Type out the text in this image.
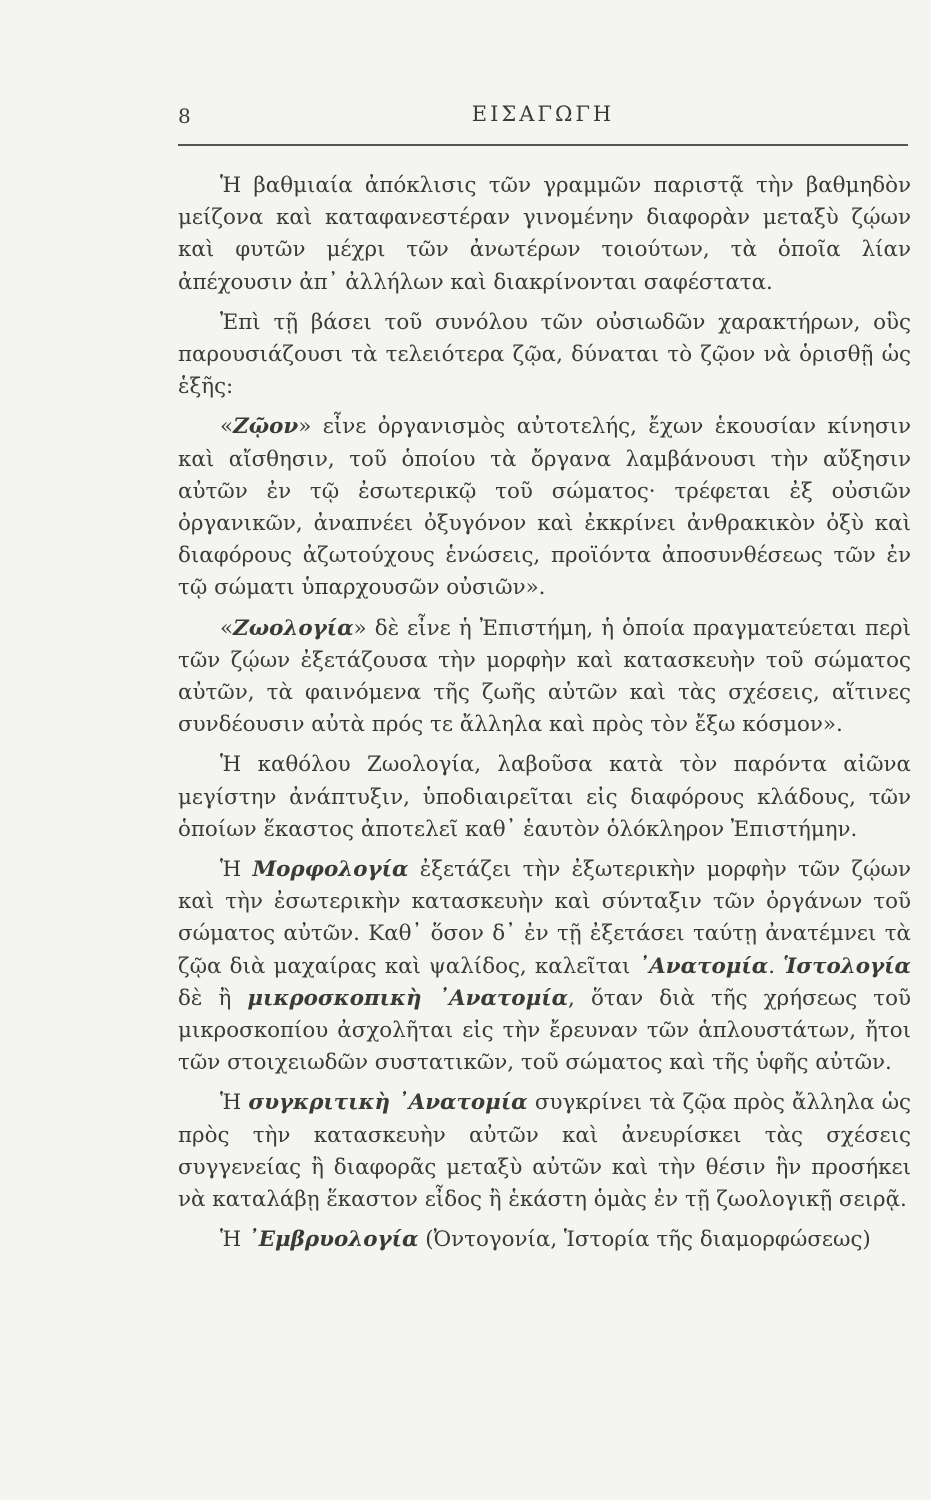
8	ΕΙΣΑΓΩΓΗ

Ἡ βαθμιαία ἀπόκλισις τῶν γραμμῶν παριστᾷ τὴν βαθμηδὸν μείζονα καὶ καταφανεστέραν γινομένην διαφορὰν μεταξὺ ζῴων καὶ φυτῶν μέχρι τῶν ἀνωτέρων τοιούτων, τὰ ὁποῖα λίαν ἀπέχουσιν ἀπ᾽ ἀλλήλων καὶ διακρίνονται σαφέστατα.

Ἐπὶ τῇ βάσει τοῦ συνόλου τῶν οὐσιωδῶν χαρακτήρων, οὓς παρουσιάζουσι τὰ τελειότερα ζῷα, δύναται τὸ ζῷον νὰ ὁρισθῇ ὡς ἑξῆς:

«Ζῷον» εἶνε ὀργανισμὸς αὐτοτελής, ἔχων ἑκουσίαν κίνησιν καὶ αἴσθησιν, τοῦ ὁποίου τὰ ὄργανα λαμβάνουσι τὴν αὔξησιν αὐτῶν ἐν τῷ ἐσωτερικῷ τοῦ σώματος· τρέφεται ἐξ οὐσιῶν ὀργανικῶν, ἀναπνέει ὀξυγόνον καὶ ἐκκρίνει ἀνθρακικὸν ὀξὺ καὶ διαφόρους ἀζωτούχους ἑνώσεις, προϊόντα ἀποσυνθέσεως τῶν ἐν τῷ σώματι ὑπαρχουσῶν οὐσιῶν».

«Ζωολογία» δὲ εἶνε ἡ Ἐπιστήμη, ἡ ὁποία πραγματεύεται περὶ τῶν ζῴων ἐξετάζουσα τὴν μορφὴν καὶ κατασκευὴν τοῦ σώματος αὐτῶν, τὰ φαινόμενα τῆς ζωῆς αὐτῶν καὶ τὰς σχέσεις, αἵτινες συνδέουσιν αὐτὰ πρός τε ἄλληλα καὶ πρὸς τὸν ἔξω κόσμον».

Ἡ καθόλου Ζωολογία, λαβοῦσα κατὰ τὸν παρόντα αἰῶνα μεγίστην ἀνάπτυξιν, ὑποδιαιρεῖται εἰς διαφόρους κλάδους, τῶν ὁποίων ἕκαστος ἀποτελεῖ καθ᾽ ἑαυτὸν ὁλόκληρον Ἐπιστήμην.

Ἡ Μορφολογία ἐξετάζει τὴν ἐξωτερικὴν μορφὴν τῶν ζῴων καὶ τὴν ἐσωτερικὴν κατασκευὴν καὶ σύνταξιν τῶν ὀργάνων τοῦ σώματος αὐτῶν. Καθ᾽ ὅσον δ᾽ ἐν τῇ ἐξετάσει ταύτῃ ἀνατέμνει τὰ ζῷα διὰ μαχαίρας καὶ ψαλίδος, καλεῖται ᾽Ανατομία. Ἱστολογία δὲ ἢ μικροσκοπικὴ ᾽Ανατομία, ὅταν διὰ τῆς χρήσεως τοῦ μικροσκοπίου ἀσχολῆται εἰς τὴν ἔρευναν τῶν ἁπλουστάτων, ἤτοι τῶν στοιχειωδῶν συστατικῶν, τοῦ σώματος καὶ τῆς ὑφῆς αὐτῶν.

Ἡ συγκριτικὴ ᾽Ανατομία συγκρίνει τὰ ζῷα πρὸς ἄλληλα ὡς πρὸς τὴν κατασκευὴν αὐτῶν καὶ ἀνευρίσκει τὰς σχέσεις συγγενείας ἢ διαφορᾶς μεταξὺ αὐτῶν καὶ τὴν θέσιν ἣν προσήκει νὰ καταλάβῃ ἕκαστον εἶδος ἢ ἑκάστη ὁμὰς ἐν τῇ ζωολογικῇ σειρᾷ.

Ἡ ᾽Εμβρυολογία (Ὀντογονία, Ἱστορία τῆς διαμορφώσεως)
